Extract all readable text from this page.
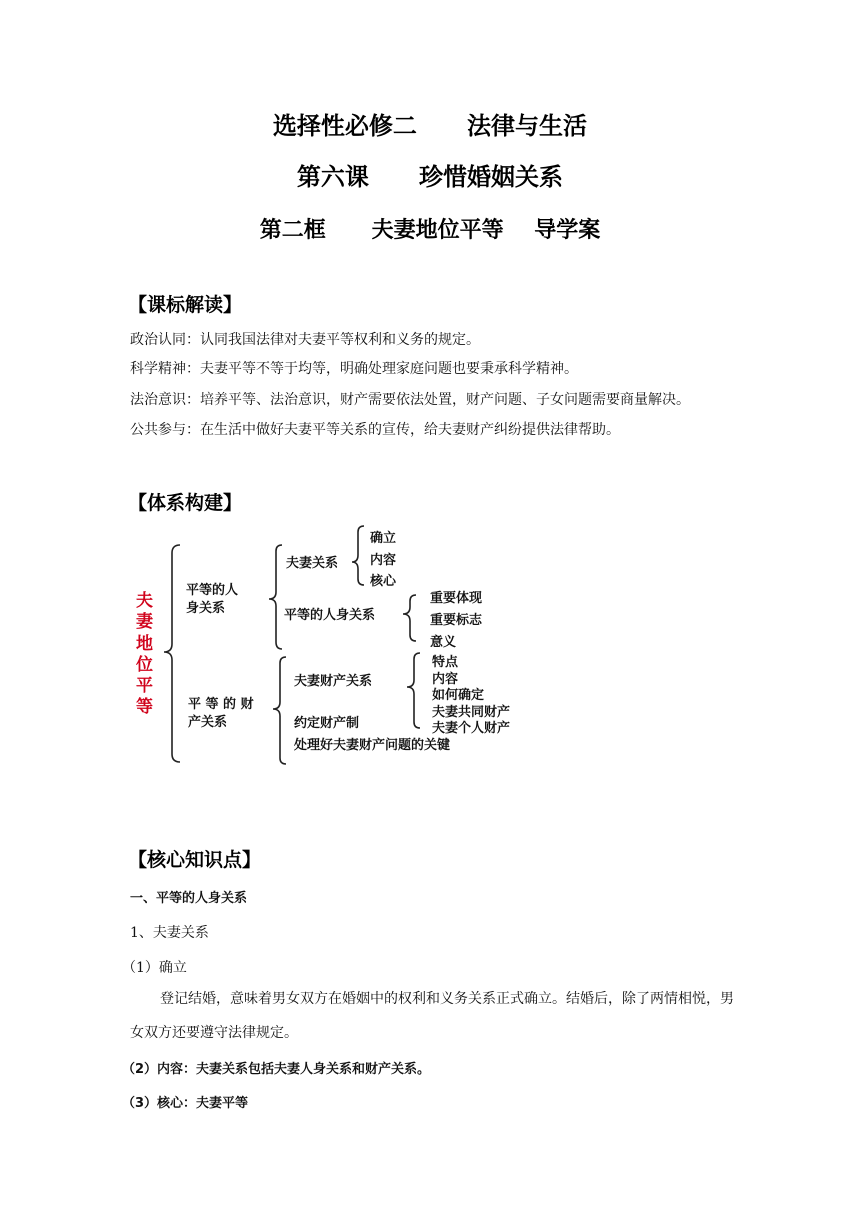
选择性必修二      法律与生活
第六课      珍惜婚姻关系
第二框      夫妻地位平等    导学案
【课标解读】
政治认同：认同我国法律对夫妻平等权利和义务的规定。
科学精神：夫妻平等不等于均等，明确处理家庭问题也要秉承科学精神。
法治意识：培养平等、法治意识，财产需要依法处置，财产问题、子女问题需要商量解决。
公共参与：在生活中做好夫妻平等关系的宣传，给夫妻财产纠纷提供法律帮助。
【体系构建】
夫
妻
地
位
平
等
平等的人
身关系
平 等 的 财
产关系
夫妻关系
确立
内容
核心
平等的人身关系
重要体现
重要标志
意义
夫妻财产关系
特点
内容
如何确定
夫妻共同财产
夫妻个人财产
约定财产制
处理好夫妻财产问题的关键
【核心知识点】
一、平等的人身关系
1、夫妻关系
（1）确立
登记结婚，意味着男女双方在婚姻中的权利和义务关系正式确立。结婚后，除了两情相悦，男女双方还要遵守法律规定。
（2）内容：夫妻关系包括夫妻人身关系和财产关系。
（3）核心：夫妻平等
